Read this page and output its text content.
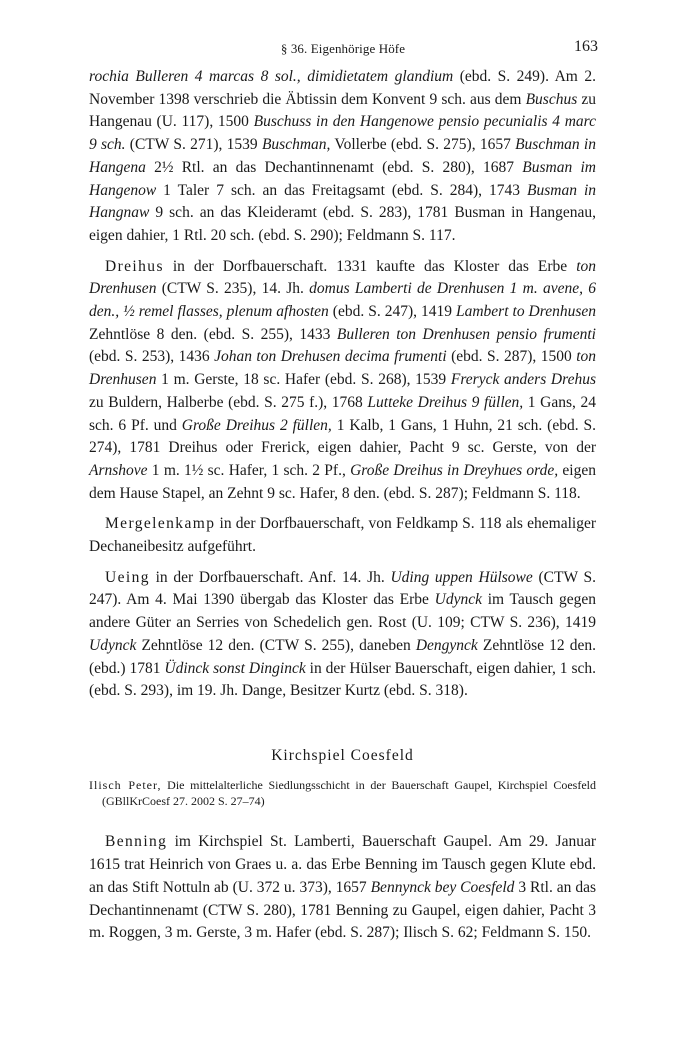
§ 36. Eigenhörige Höfe	163

rochia Bulleren 4 marcas 8 sol., dimidietatem glandium (ebd. S. 249). Am 2. November 1398 verschrieb die Äbtissin dem Konvent 9 sch. aus dem Buschus zu Hangenau (U. 117), 1500 Buschuss in den Hangenowe pensio pecunialis 4 marc 9 sch. (CTW S. 271), 1539 Buschman, Vollerbe (ebd. S. 275), 1657 Buschman in Hangena 2½ Rtl. an das Dechantinnenamt (ebd. S. 280), 1687 Busman im Hangenow 1 Taler 7 sch. an das Freitagsamt (ebd. S. 284), 1743 Busman in Hangnaw 9 sch. an das Kleideramt (ebd. S. 283), 1781 Busman in Hangenau, eigen dahier, 1 Rtl. 20 sch. (ebd. S. 290); Feldmann S. 117.

Dreihus in der Dorfbauerschaft. 1331 kaufte das Kloster das Erbe ton Drenhusen (CTW S. 235), 14. Jh. domus Lamberti de Drenhusen 1 m. avene, 6 den., ½ remel flasses, plenum afhosten (ebd. S. 247), 1419 Lambert to Drenhusen Zehntlöse 8 den. (ebd. S. 255), 1433 Bulleren ton Drenhusen pensio frumenti (ebd. S. 253), 1436 Johan ton Drehusen decima frumenti (ebd. S. 287), 1500 ton Drenhusen 1 m. Gerste, 18 sc. Hafer (ebd. S. 268), 1539 Freryck anders Drehus zu Buldern, Halberbe (ebd. S. 275 f.), 1768 Lutteke Dreihus 9 füllen, 1 Gans, 24 sch. 6 Pf. und Große Dreihus 2 füllen, 1 Kalb, 1 Gans, 1 Huhn, 21 sch. (ebd. S. 274), 1781 Dreihus oder Frerick, eigen dahier, Pacht 9 sc. Gerste, von der Arnshove 1 m. 1½ sc. Hafer, 1 sch. 2 Pf., Große Dreihus in Dreyhues orde, eigen dem Hause Stapel, an Zehnt 9 sc. Hafer, 8 den. (ebd. S. 287); Feldmann S. 118.

Mergelenkamp in der Dorfbauerschaft, von Feldkamp S. 118 als ehemaliger Dechaneibesitz aufgeführt.

Ueing in der Dorfbauerschaft. Anf. 14. Jh. Uding uppen Hülsowe (CTW S. 247). Am 4. Mai 1390 übergab das Kloster das Erbe Udynck im Tausch gegen andere Güter an Serries von Schedelich gen. Rost (U. 109; CTW S. 236), 1419 Udynck Zehntlöse 12 den. (CTW S. 255), daneben Dengynck Zehntlöse 12 den. (ebd.) 1781 Üdinck sonst Dinginck in der Hülser Bauerschaft, eigen dahier, 1 sch. (ebd. S. 293), im 19. Jh. Dange, Besitzer Kurtz (ebd. S. 318).

Kirchspiel Coesfeld

Ilisch Peter, Die mittelalterliche Siedlungsschicht in der Bauerschaft Gaupel, Kirchspiel Coesfeld (GBllKrCoesf 27. 2002 S. 27–74)

Benning im Kirchspiel St. Lamberti, Bauerschaft Gaupel. Am 29. Januar 1615 trat Heinrich von Graes u. a. das Erbe Benning im Tausch gegen Klute ebd. an das Stift Nottuln ab (U. 372 u. 373), 1657 Bennynck bey Coesfeld 3 Rtl. an das Dechantinnenamt (CTW S. 280), 1781 Benning zu Gaupel, eigen dahier, Pacht 3 m. Roggen, 3 m. Gerste, 3 m. Hafer (ebd. S. 287); Ilisch S. 62; Feldmann S. 150.
